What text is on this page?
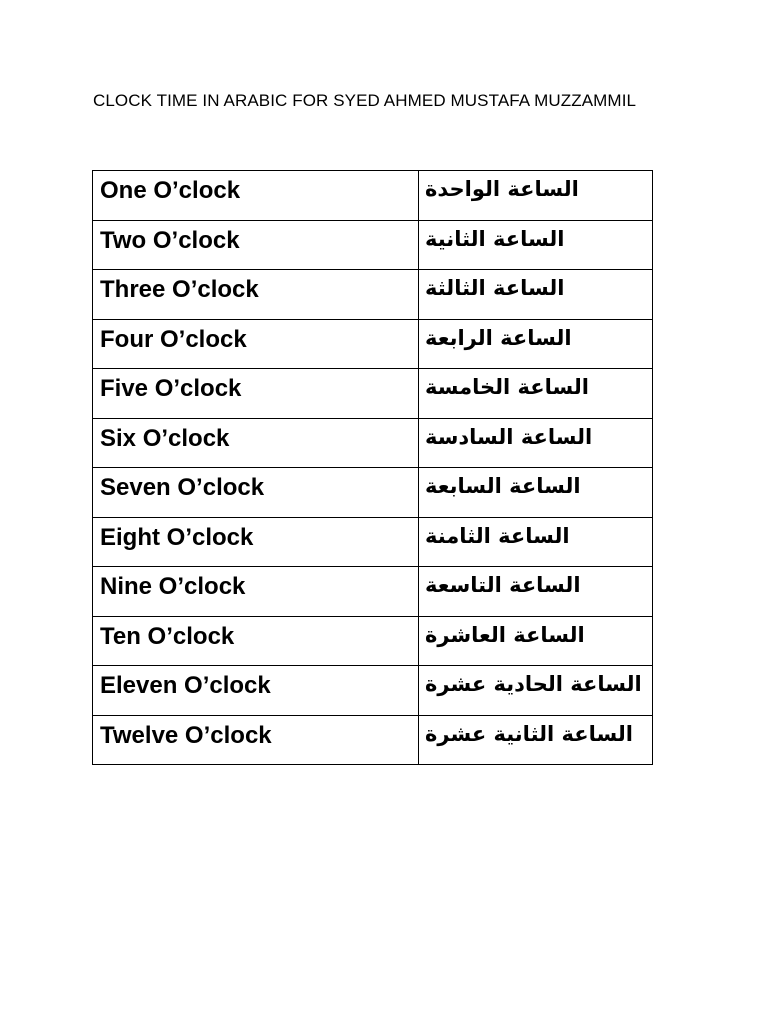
CLOCK TIME IN ARABIC FOR SYED AHMED MUSTAFA MUZZAMMIL
One O’clock	الساعة الواحدة
Two O’clock	الساعة الثانية
Three O’clock	الساعة الثالثة
Four O’clock	الساعة الرابعة
Five O’clock	الساعة الخامسة
Six O’clock	الساعة السادسة
Seven O’clock	الساعة السابعة
Eight O’clock	الساعة الثامنة
Nine O’clock	الساعة التاسعة
Ten O’clock	الساعة العاشرة
Eleven O’clock	الساعة الحادية عشرة
Twelve O’clock	الساعة الثانية عشرة
